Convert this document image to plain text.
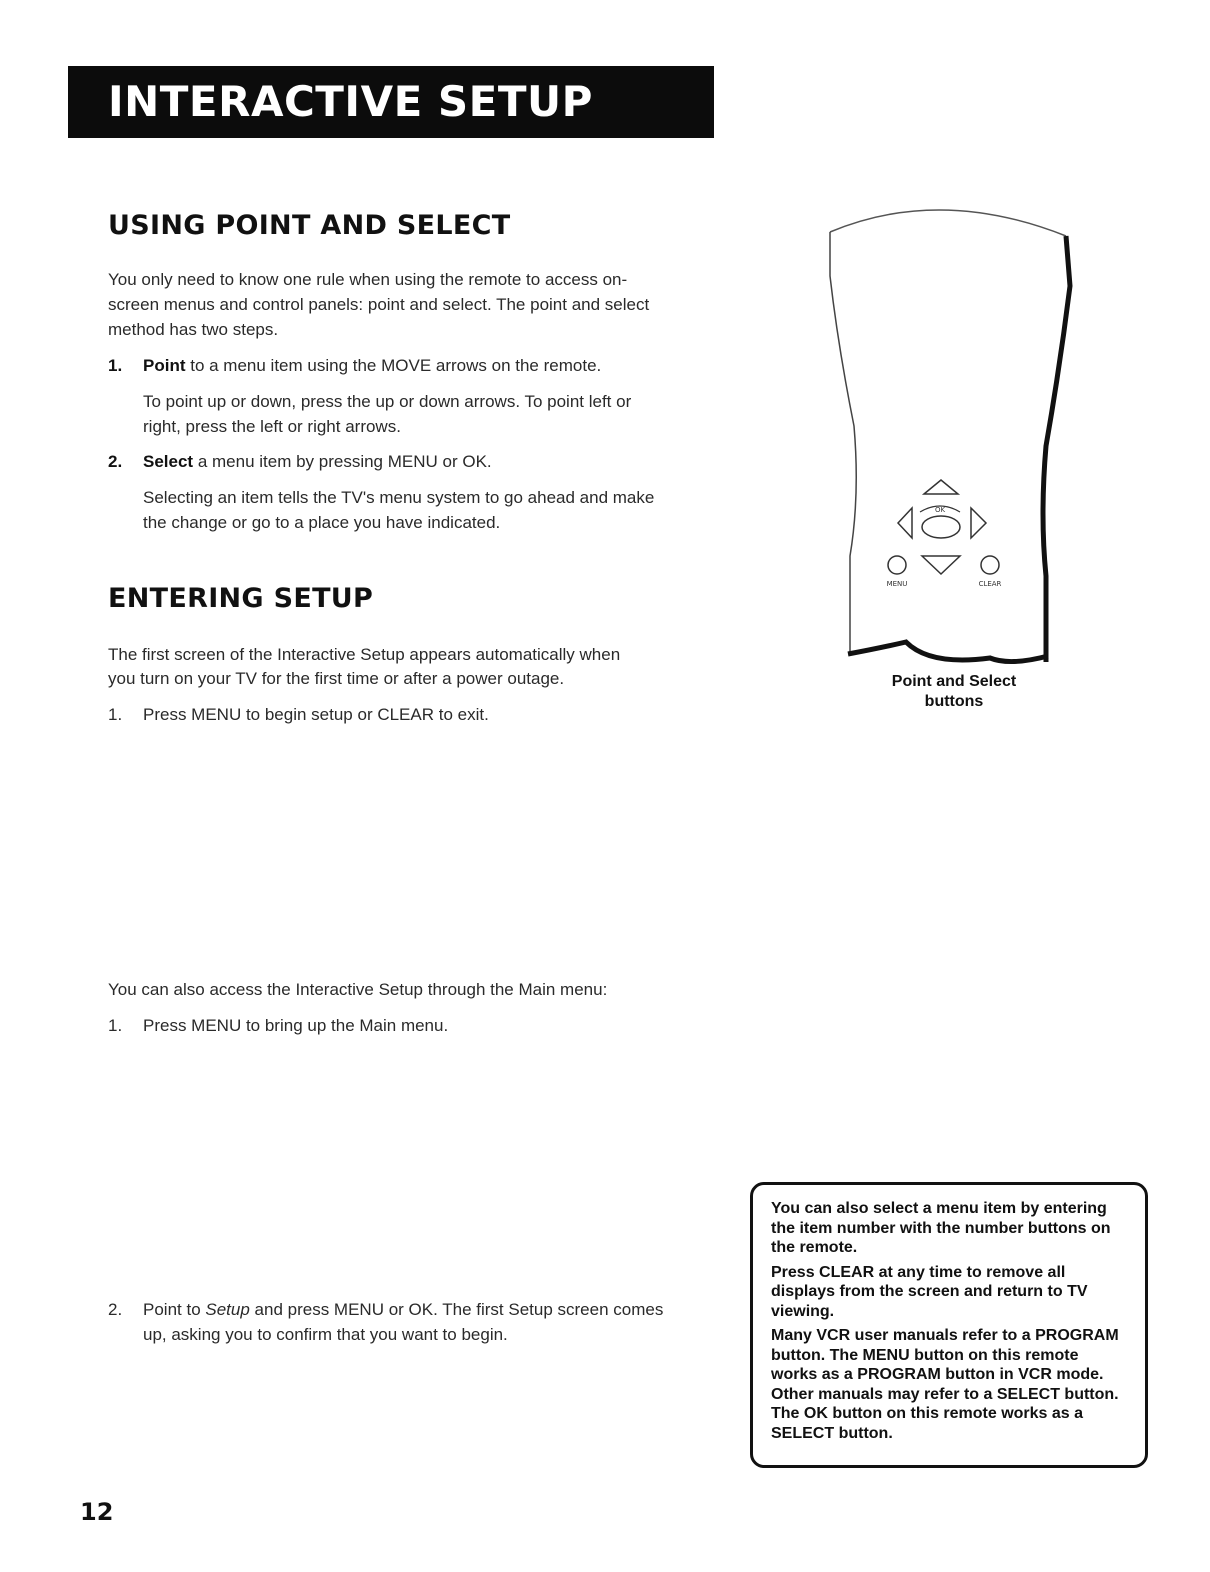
INTERACTIVE SETUP
USING POINT AND SELECT

You only need to know one rule when using the remote to access on-

screen menus and control panels: point and select. The point and select

method has two steps.

1. Point to a menu item using the MOVE arrows on the remote.

To point up or down, press the up or down arrows. To point left or

right, press the left or right arrows.

2. Select a menu item by pressing MENU or OK.

Selecting an item tells the TV's menu system to go ahead and make

the change or go to a place you have indicated.

ENTERING SETUP

The first screen of the Interactive Setup appears automatically when

you turn on your TV for the first time or after a power outage.

1. Press MENU to begin setup or CLEAR to exit.

You can also access the Interactive Setup through the Main menu:

1. Press MENU to bring up the Main menu.

2. Point to Setup and press MENU or OK. The first Setup screen comes

up, asking you to confirm that you want to begin.

OK
MENU	CLEAR
Point and Select
buttons

You can also select a menu item by entering the item number with the number buttons on the remote.

Press CLEAR at any time to remove all displays from the screen and return to TV viewing.

Many VCR user manuals refer to a PROGRAM button. The MENU button on this remote works as a PROGRAM button in VCR mode. Other manuals may refer to a SELECT button. The OK button on this remote works as a SELECT button.

12
